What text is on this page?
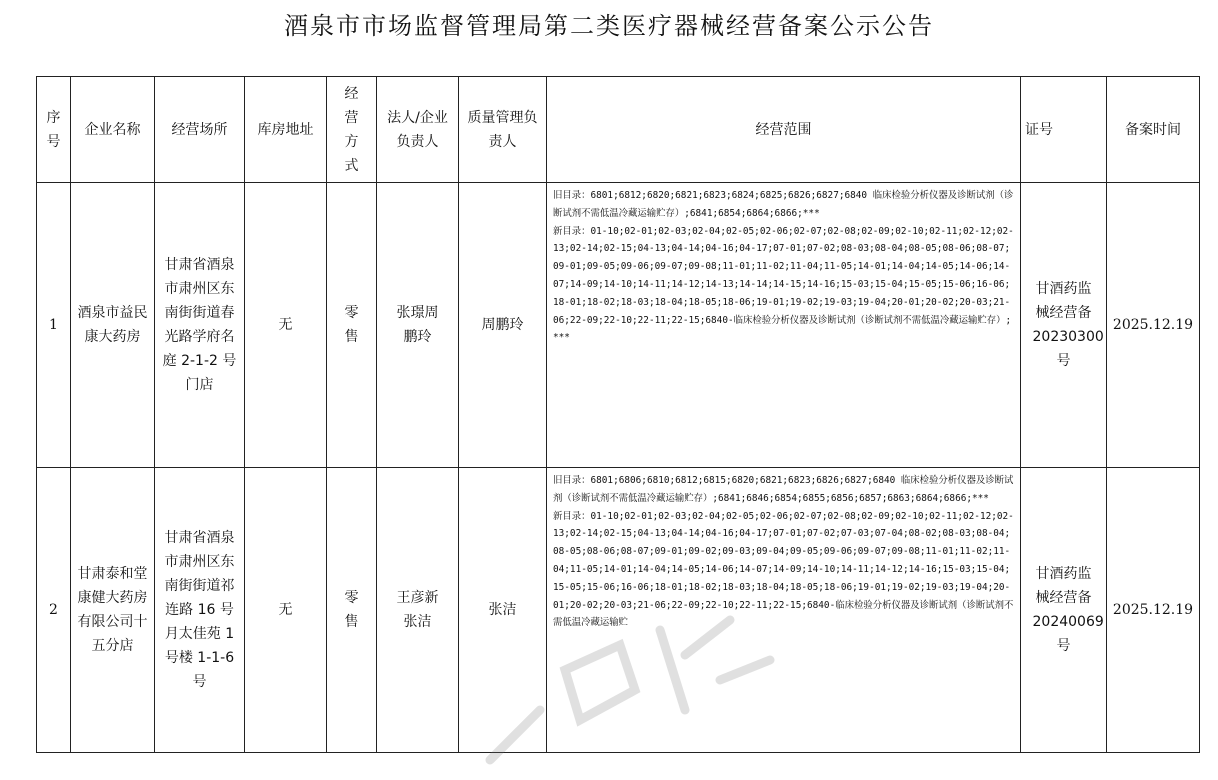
酒泉市市场监督管理局第二类医疗器械经营备案公示公告
序号	企业名称	经营场所	库房地址	经营方式	法人/企业负责人	质量管理负责人	经营范围	证号	备案时间
1	酒泉市益民康大药房	甘肃省酒泉市肃州区东南街街道春光路学府名庭 2-1-2 号门店	无	零售	张璟周鹏玲	周鹏玲	旧目录：6801;6812;6820;6821;6823;6824;6825;6826;6827;6840 临床检验分析仪器及诊断试剂（诊断试剂不需低温冷藏运输贮存）;6841;6854;6864;6866;***
新目录：01-10;02-01;02-03;02-04;02-05;02-06;02-07;02-08;02-09;02-10;02-11;02-12;02-13;02-14;02-15;04-13;04-14;04-16;04-17;07-01;07-02;08-03;08-04;08-05;08-06;08-07;09-01;09-05;09-06;09-07;09-08;11-01;11-02;11-04;11-05;14-01;14-04;14-05;14-06;14-07;14-09;14-10;14-11;14-12;14-13;14-14;14-15;14-16;15-03;15-04;15-05;15-06;16-06;18-01;18-02;18-03;18-04;18-05;18-06;19-01;19-02;19-03;19-04;20-01;20-02;20-03;21-06;22-09;22-10;22-11;22-15;6840-临床检验分析仪器及诊断试剂（诊断试剂不需低温冷藏运输贮存）;***	甘酒药监械经营备20230300号	2025.12.19
2	甘肃泰和堂康健大药房有限公司十五分店	甘肃省酒泉市肃州区东南街街道祁连路 16 号月太佳苑 1 号楼 1-1-6 号	无	零售	王彦新张洁	张洁	旧目录：6801;6806;6810;6812;6815;6820;6821;6823;6826;6827;6840 临床检验分析仪器及诊断试剂（诊断试剂不需低温冷藏运输贮存）;6841;6846;6854;6855;6856;6857;6863;6864;6866;***
新目录：01-10;02-01;02-03;02-04;02-05;02-06;02-07;02-08;02-09;02-10;02-11;02-12;02-13;02-14;02-15;04-13;04-14;04-16;04-17;07-01;07-02;07-03;07-04;08-02;08-03;08-04;08-05;08-06;08-07;09-01;09-02;09-03;09-04;09-05;09-06;09-07;09-08;11-01;11-02;11-04;11-05;14-01;14-04;14-05;14-06;14-07;14-09;14-10;14-11;14-12;14-16;15-03;15-04;15-05;15-06;16-06;18-01;18-02;18-03;18-04;18-05;18-06;19-01;19-02;19-03;19-04;20-01;20-02;20-03;21-06;22-09;22-10;22-11;22-15;6840-临床检验分析仪器及诊断试剂（诊断试剂不需低温冷藏运输贮	甘酒药监械经营备20240069号	2025.12.19
